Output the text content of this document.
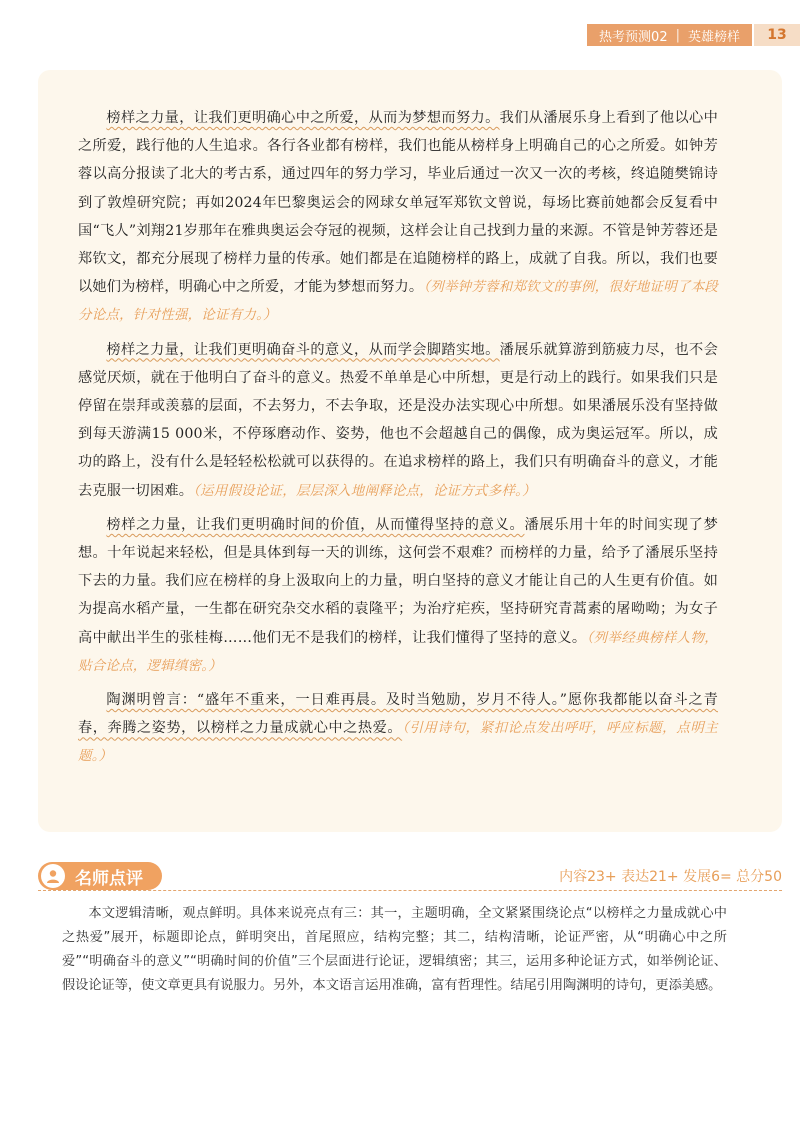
热考预测02 | 英雄榜样	13

榜样之力量，让我们更明确心中之所爱，从而为梦想而努力。我们从潘展乐身上看到了他以心中之所爱，践行他的人生追求。各行各业都有榜样，我们也能从榜样身上明确自己的心之所爱。如钟芳蓉以高分报读了北大的考古系，通过四年的努力学习，毕业后通过一次又一次的考核，终追随樊锦诗到了敦煌研究院；再如2024年巴黎奥运会的网球女单冠军郑钦文曾说，每场比赛前她都会反复看中国“飞人”刘翔21岁那年在雅典奥运会夺冠的视频，这样会让自己找到力量的来源。不管是钟芳蓉还是郑钦文，都充分展现了榜样力量的传承。她们都是在追随榜样的路上，成就了自我。所以，我们也要以她们为榜样，明确心中之所爱，才能为梦想而努力。（列举钟芳蓉和郑钦文的事例，很好地证明了本段分论点，针对性强，论证有力。）

榜样之力量，让我们更明确奋斗的意义，从而学会脚踏实地。潘展乐就算游到筋疲力尽，也不会感觉厌烦，就在于他明白了奋斗的意义。热爱不单单是心中所想，更是行动上的践行。如果我们只是停留在崇拜或羡慕的层面，不去努力，不去争取，还是没办法实现心中所想。如果潘展乐没有坚持做到每天游满15 000米，不停琢磨动作、姿势，他也不会超越自己的偶像，成为奥运冠军。所以，成功的路上，没有什么是轻轻松松就可以获得的。在追求榜样的路上，我们只有明确奋斗的意义，才能去克服一切困难。（运用假设论证，层层深入地阐释论点，论证方式多样。）

榜样之力量，让我们更明确时间的价值，从而懂得坚持的意义。潘展乐用十年的时间实现了梦想。十年说起来轻松，但是具体到每一天的训练，这何尝不艰难？而榜样的力量，给予了潘展乐坚持下去的力量。我们应在榜样的身上汲取向上的力量，明白坚持的意义才能让自己的人生更有价值。如为提高水稻产量，一生都在研究杂交水稻的袁隆平；为治疗疟疾，坚持研究青蒿素的屠呦呦；为女子高中献出半生的张桂梅……他们无不是我们的榜样，让我们懂得了坚持的意义。（列举经典榜样人物，贴合论点，逻辑缜密。）

陶渊明曾言：“盛年不重来，一日难再晨。及时当勉励，岁月不待人。”愿你我都能以奋斗之青春，奔腾之姿势，以榜样之力量成就心中之热爱。（引用诗句，紧扣论点发出呼吁，呼应标题，点明主题。）

名师点评	内容23+ 表达21+ 发展6= 总分50
本文逻辑清晰，观点鲜明。具体来说亮点有三：其一，主题明确，全文紧紧围绕论点“以榜样之力量成就心中之热爱”展开，标题即论点，鲜明突出，首尾照应，结构完整；其二，结构清晰，论证严密，从“明确心中之所爱”“明确奋斗的意义”“明确时间的价值”三个层面进行论证，逻辑缜密；其三，运用多种论证方式，如举例论证、假设论证等，使文章更具有说服力。另外，本文语言运用准确，富有哲理性。结尾引用陶渊明的诗句，更添美感。
